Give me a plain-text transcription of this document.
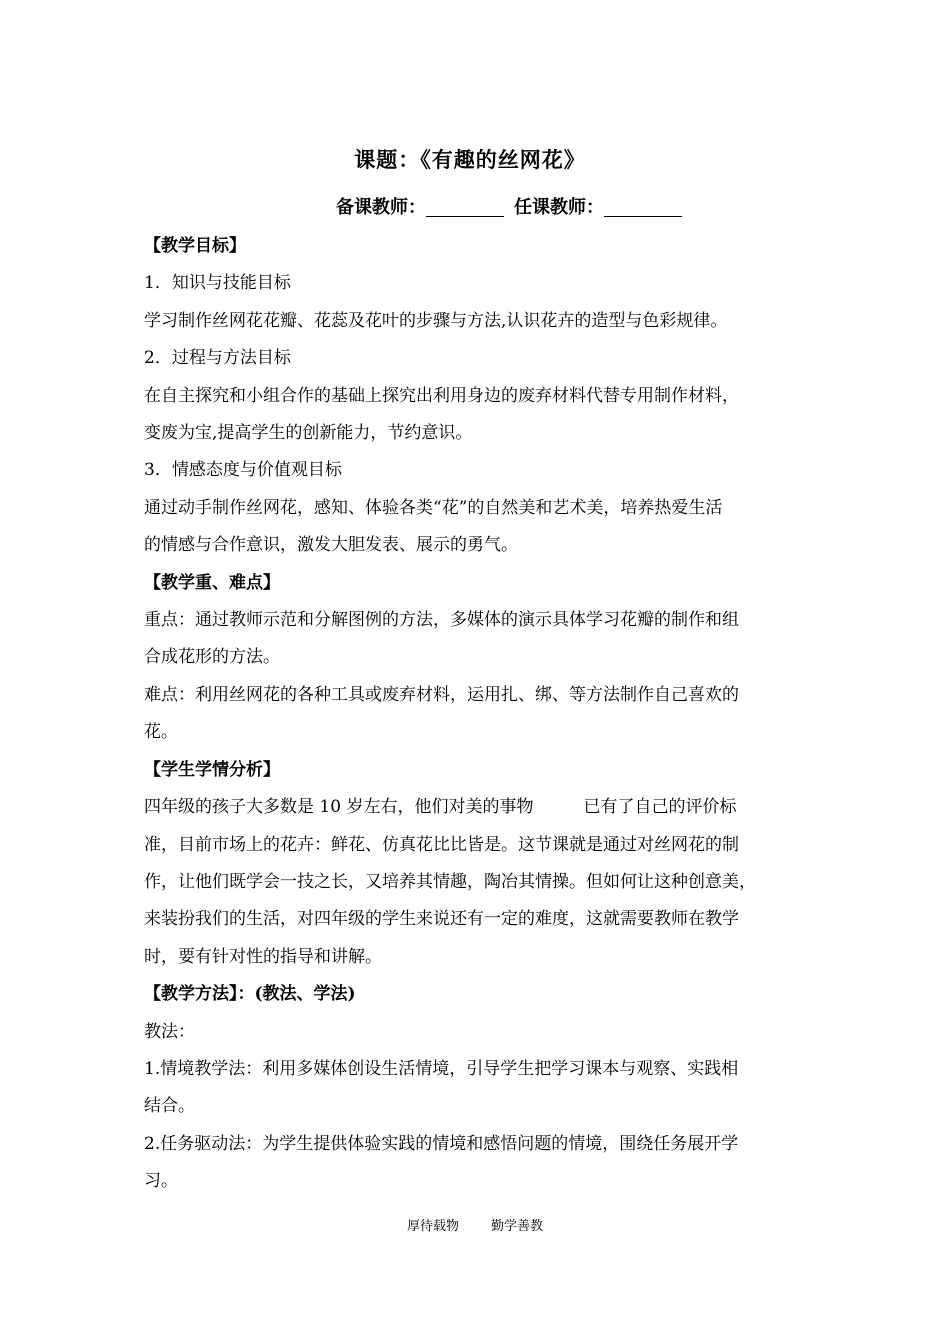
课题：《有趣的丝网花》
备课教师：	任课教师：

【教学目标】

1．知识与技能目标

学习制作丝网花花瓣、花蕊及花叶的步骤与方法,认识花卉的造型与色彩规律。

2．过程与方法目标

在自主探究和小组合作的基础上探究出利用身边的废弃材料代替专用制作材料，

变废为宝,提高学生的创新能力，节约意识。

3．情感态度与价值观目标

通过动手制作丝网花，感知、体验各类“花”的自然美和艺术美，培养热爱生活

的情感与合作意识，激发大胆发表、展示的勇气。

【教学重、难点】

重点：通过教师示范和分解图例的方法，多媒体的演示具体学习花瓣的制作和组

合成花形的方法。

难点：利用丝网花的各种工具或废弃材料，运用扎、绑、等方法制作自己喜欢的

花。

【学生学情分析】

四年级的孩子大多数是 10 岁左右，他们对美的事物	已有了自己的评价标

准，目前市场上的花卉：鲜花、仿真花比比皆是。这节课就是通过对丝网花的制

作，让他们既学会一技之长，又培养其情趣，陶冶其情操。但如何让这种创意美，

来装扮我们的生活，对四年级的学生来说还有一定的难度，这就需要教师在教学

时，要有针对性的指导和讲解。

【教学方法】：(教法、学法)

教法：

1.情境教学法：利用多媒体创设生活情境，引导学生把学习课本与观察、实践相

结合。

2.任务驱动法：为学生提供体验实践的情境和感悟问题的情境，围绕任务展开学

习。

厚待载物 勤学善教
